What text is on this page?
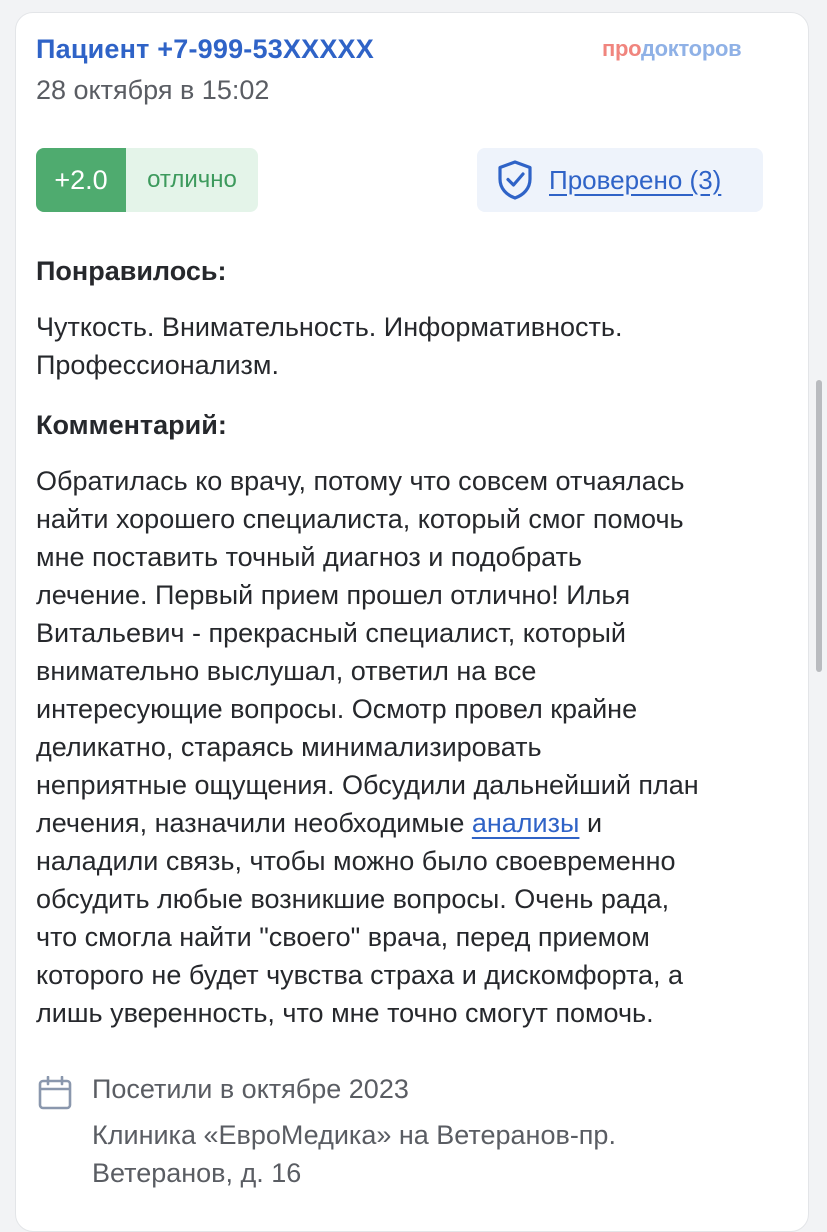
Пациент +7-999-53XXXXX
28 октября в 15:02
продокторов
+2.0	отлично	Проверено (3)
Понравилось:
Чуткость. Внимательность. Информативность.
Профессионализм.
Комментарий:
Обратилась ко врачу, потому что совсем отчаялась
найти хорошего специалиста, который смог помочь
мне поставить точный диагноз и подобрать
лечение. Первый прием прошел отлично! Илья
Витальевич - прекрасный специалист, который
внимательно выслушал, ответил на все
интересующие вопросы. Осмотр провел крайне
деликатно, стараясь минимализировать
неприятные ощущения. Обсудили дальнейший план
лечения, назначили необходимые анализы и
наладили связь, чтобы можно было своевременно
обсудить любые возникшие вопросы. Очень рада,
что смогла найти "своего" врача, перед приемом
которого не будет чувства страха и дискомфорта, а
лишь уверенность, что мне точно смогут помочь.
Посетили в октябре 2023
Клиника «ЕвроМедика» на Ветеранов-пр.
Ветеранов, д. 16
